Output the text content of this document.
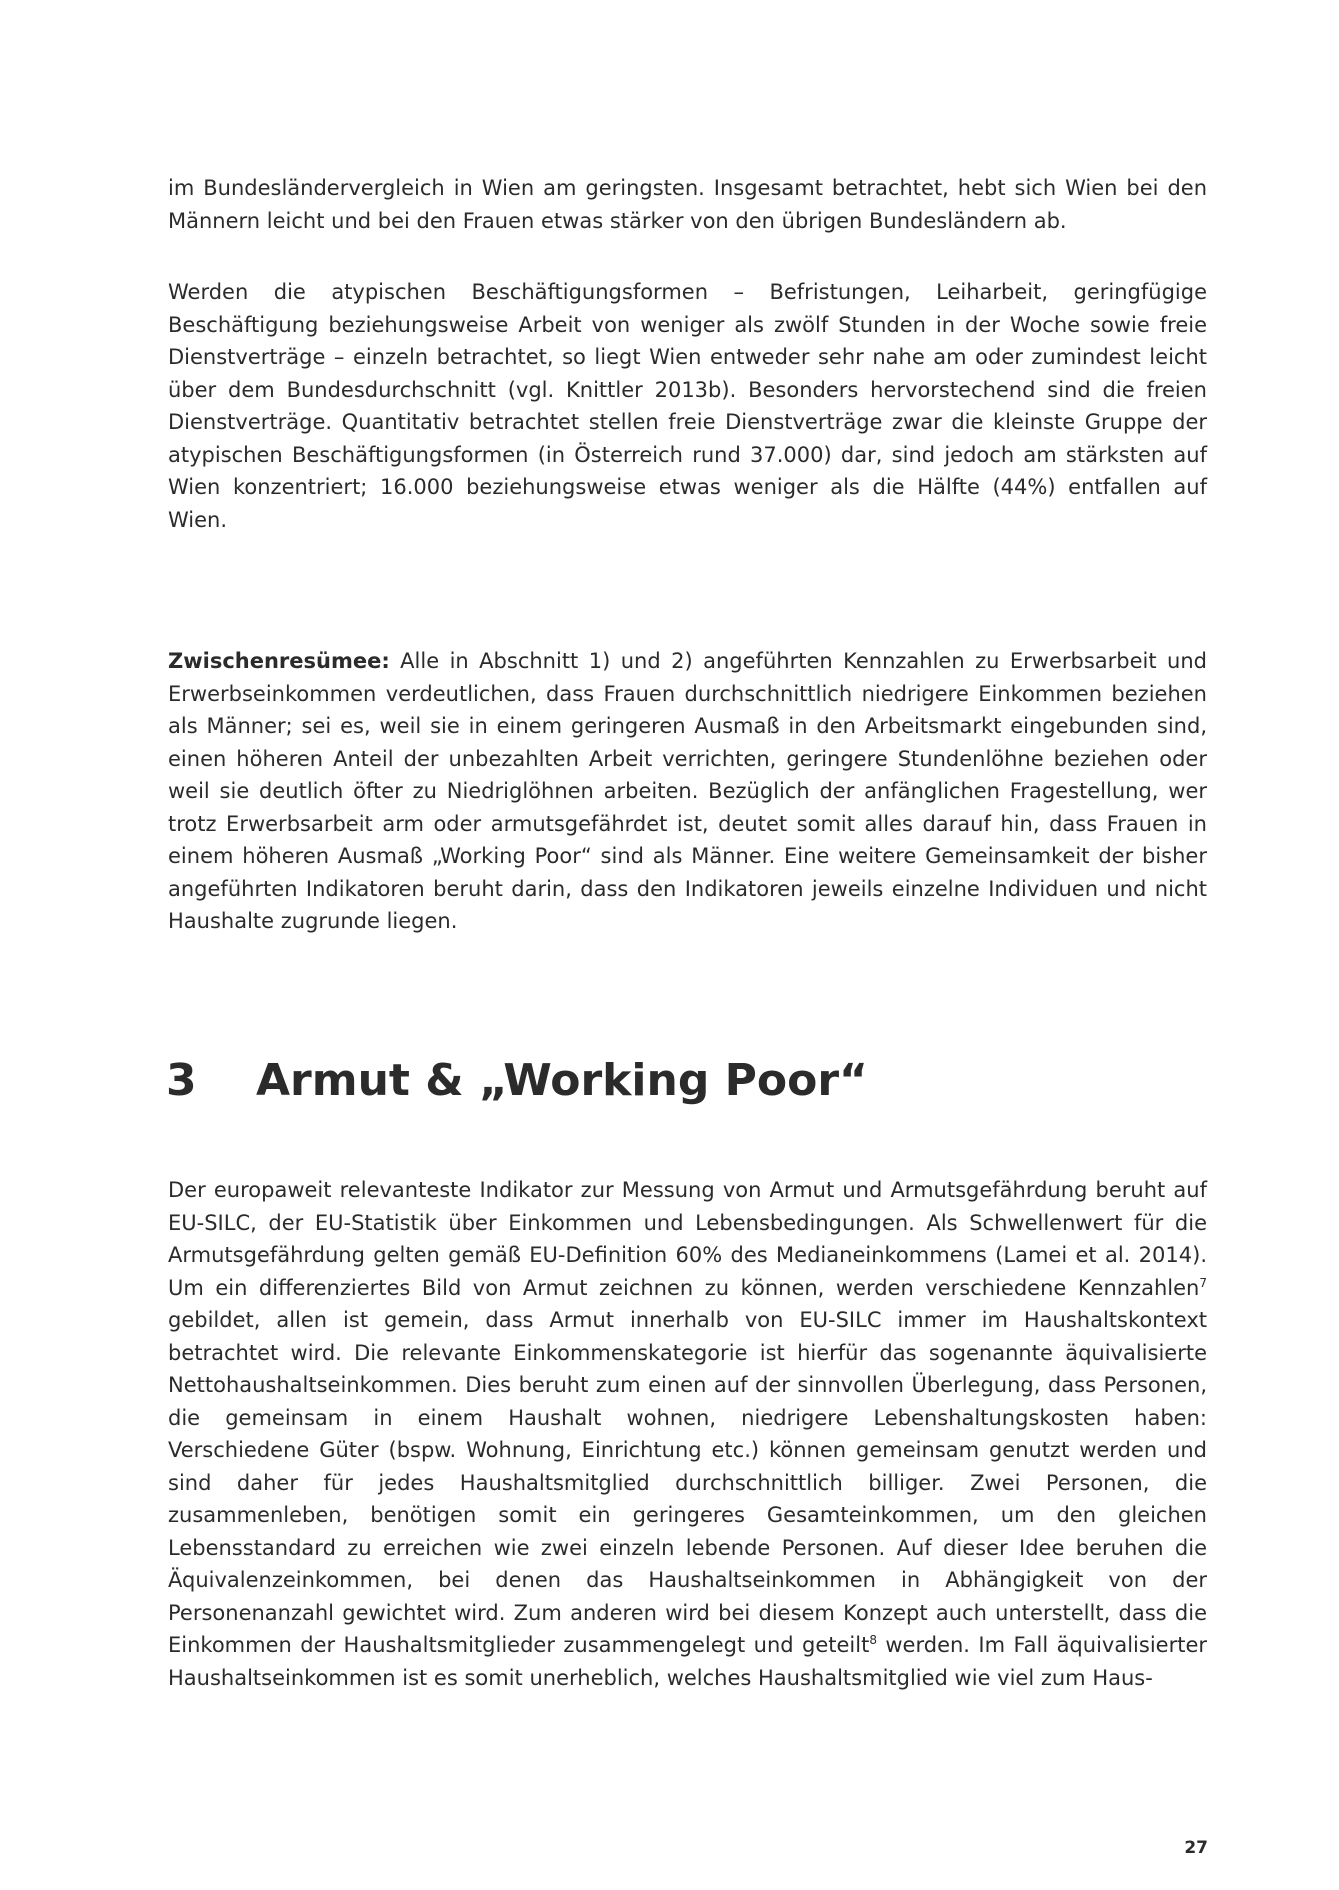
im Bundesländervergleich in Wien am geringsten. Insgesamt betrachtet, hebt sich Wien bei den Männern leicht und bei den Frauen etwas stärker von den übrigen Bundesländern ab.

Werden die atypischen Beschäftigungsformen – Befristungen, Leiharbeit, geringfügige Beschäftigung beziehungsweise Arbeit von weniger als zwölf Stunden in der Woche sowie freie Dienstverträge – einzeln betrachtet, so liegt Wien entweder sehr nahe am oder zumindest leicht über dem Bundesdurchschnitt (vgl. Knittler 2013b). Besonders hervorstechend sind die freien Dienstverträge. Quantitativ betrachtet stellen freie Dienstverträge zwar die kleinste Gruppe der atypischen Beschäftigungsformen (in Österreich rund 37.000) dar, sind jedoch am stärksten auf Wien konzentriert; 16.000 beziehungsweise etwas weniger als die Hälfte (44%) entfallen auf Wien.

Zwischenresümee: Alle in Abschnitt 1) und 2) angeführten Kennzahlen zu Erwerbsarbeit und Erwerbseinkommen verdeutlichen, dass Frauen durchschnittlich niedrigere Einkommen beziehen als Männer; sei es, weil sie in einem geringeren Ausmaß in den Arbeitsmarkt eingebunden sind, einen höheren Anteil der unbezahlten Arbeit verrichten, geringere Stundenlöhne beziehen oder weil sie deutlich öfter zu Niedriglöhnen arbeiten. Bezüglich der anfänglichen Fragestellung, wer trotz Erwerbsarbeit arm oder armutsgefährdet ist, deutet somit alles darauf hin, dass Frauen in einem höheren Ausmaß „Working Poor“ sind als Männer. Eine weitere Gemeinsamkeit der bisher angeführten Indikatoren beruht darin, dass den Indikatoren jeweils einzelne Individuen und nicht Haushalte zugrunde liegen.

3 Armut & „Working Poor“

Der europaweit relevanteste Indikator zur Messung von Armut und Armutsgefährdung beruht auf EU-SILC, der EU-Statistik über Einkommen und Lebensbedingungen. Als Schwellenwert für die Armutsgefährdung gelten gemäß EU-Definition 60% des Medianeinkommens (Lamei et al. 2014). Um ein differenziertes Bild von Armut zeichnen zu können, werden verschiedene Kennzahlen$^7$ gebildet, allen ist gemein, dass Armut innerhalb von EU-SILC immer im Haushaltskontext betrachtet wird. Die relevante Einkommenskategorie ist hierfür das sogenannte äquivalisierte Nettohaushaltseinkommen. Dies beruht zum einen auf der sinnvollen Überlegung, dass Personen, die gemeinsam in einem Haushalt wohnen, niedrigere Lebenshaltungskosten haben: Verschiedene Güter (bspw. Wohnung, Einrichtung etc.) können gemeinsam genutzt werden und sind daher für jedes Haushaltsmitglied durchschnittlich billiger. Zwei Personen, die zusammenleben, benötigen somit ein geringeres Gesamteinkommen, um den gleichen Lebensstandard zu erreichen wie zwei einzeln lebende Personen. Auf dieser Idee beruhen die Äquivalenzeinkommen, bei denen das Haushaltseinkommen in Abhängigkeit von der Personenanzahl gewichtet wird. Zum anderen wird bei diesem Konzept auch unterstellt, dass die Einkommen der Haushaltsmitglieder zusammengelegt und geteilt$^8$ werden. Im Fall äquivalisierter Haushaltseinkommen ist es somit unerheblich, welches Haushaltsmitglied wie viel zum Haus-

27
